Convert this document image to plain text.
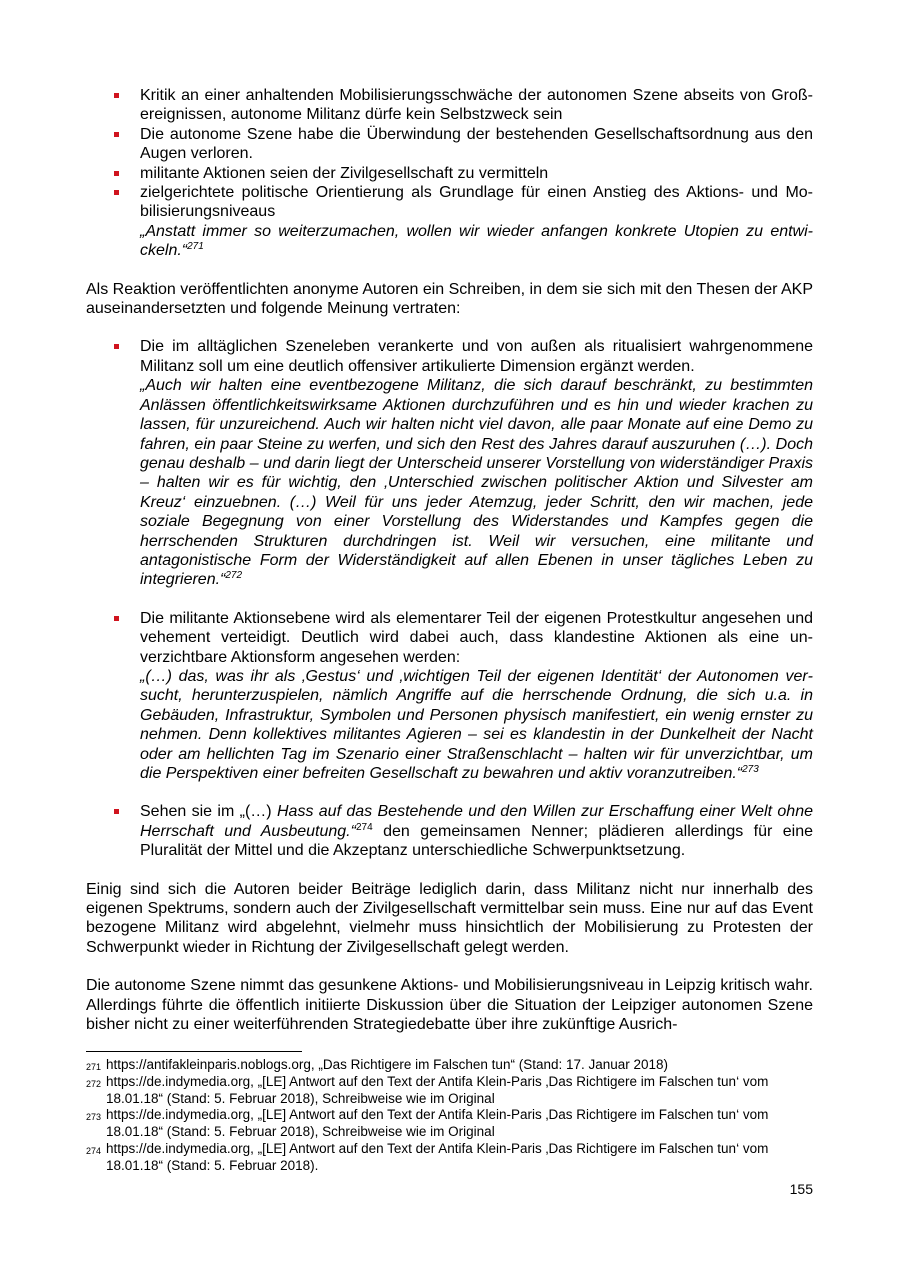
Kritik an einer anhaltenden Mobilisierungsschwäche der autonomen Szene abseits von Großereignissen, autonome Militanz dürfe kein Selbstzweck sein
Die autonome Szene habe die Überwindung der bestehenden Gesellschaftsordnung aus den Augen verloren.
militante Aktionen seien der Zivilgesellschaft zu vermitteln
zielgerichtete politische Orientierung als Grundlage für einen Anstieg des Aktions- und Mobilisierungsniveaus
„Anstatt immer so weiterzumachen, wollen wir wieder anfangen konkrete Utopien zu entwickeln.“$^{271}$

Als Reaktion veröffentlichten anonyme Autoren ein Schreiben, in dem sie sich mit den Thesen der AKP auseinandersetzten und folgende Meinung vertraten:

Die im alltäglichen Szeneleben verankerte und von außen als ritualisiert wahrgenommene Militanz soll um eine deutlich offensiver artikulierte Dimension ergänzt werden.
„Auch wir halten eine eventbezogene Militanz, die sich darauf beschränkt, zu bestimmten Anlässen öffentlichkeitswirksame Aktionen durchzuführen und es hin und wieder krachen zu lassen, für unzureichend. Auch wir halten nicht viel davon, alle paar Monate auf eine Demo zu fahren, ein paar Steine zu werfen, und sich den Rest des Jahres darauf auszuruhen (…). Doch genau deshalb – und darin liegt der Unterscheid unserer Vorstellung von widerständiger Praxis – halten wir es für wichtig, den ‚Unterschied zwischen politischer Aktion und Silvester am Kreuz‘ einzuebnen. (…) Weil für uns jeder Atemzug, jeder Schritt, den wir machen, jede soziale Begegnung von einer Vorstellung des Widerstandes und Kampfes gegen die herrschenden Strukturen durchdringen ist. Weil wir versuchen, eine militante und antagonistische Form der Widerständigkeit auf allen Ebenen in unser tägliches Leben zu integrieren.“$^{272}$
Die militante Aktionsebene wird als elementarer Teil der eigenen Protestkultur angesehen und vehement verteidigt. Deutlich wird dabei auch, dass klandestine Aktionen als eine unverzichtbare Aktionsform angesehen werden:
„(…) das, was ihr als ‚Gestus‘ und ‚wichtigen Teil der eigenen Identität‘ der Autonomen versucht, herunterzuspielen, nämlich Angriffe auf die herrschende Ordnung, die sich u.a. in Gebäuden, Infrastruktur, Symbolen und Personen physisch manifestiert, ein wenig ernster zu nehmen. Denn kollektives militantes Agieren – sei es klandestin in der Dunkelheit der Nacht oder am hellichten Tag im Szenario einer Straßenschlacht – halten wir für unverzichtbar, um die Perspektiven einer befreiten Gesellschaft zu bewahren und aktiv voranzutreiben.“$^{273}$
Sehen sie im „(…) Hass auf das Bestehende und den Willen zur Erschaffung einer Welt ohne Herrschaft und Ausbeutung.“$^{274}$ den gemeinsamen Nenner; plädieren allerdings für eine Pluralität der Mittel und die Akzeptanz unterschiedliche Schwerpunktsetzung.

Einig sind sich die Autoren beider Beiträge lediglich darin, dass Militanz nicht nur innerhalb des eigenen Spektrums, sondern auch der Zivilgesellschaft vermittelbar sein muss. Eine nur auf das Event bezogene Militanz wird abgelehnt, vielmehr muss hinsichtlich der Mobilisierung zu Protesten der Schwerpunkt wieder in Richtung der Zivilgesellschaft gelegt werden.

Die autonome Szene nimmt das gesunkene Aktions- und Mobilisierungsniveau in Leipzig kritisch wahr. Allerdings führte die öffentlich initiierte Diskussion über die Situation der Leipziger autonomen Szene bisher nicht zu einer weiterführenden Strategiedebatte über ihre zukünftige Ausrich-

271 https://antifakleinparis.noblogs.org, „Das Richtigere im Falschen tun“ (Stand: 17. Januar 2018)
272 https://de.indymedia.org, „[LE] Antwort auf den Text der Antifa Klein-Paris ‚Das Richtigere im Falschen tun‘ vom 18.01.18“ (Stand: 5. Februar 2018), Schreibweise wie im Original
273 https://de.indymedia.org, „[LE] Antwort auf den Text der Antifa Klein-Paris ‚Das Richtigere im Falschen tun‘ vom 18.01.18“ (Stand: 5. Februar 2018), Schreibweise wie im Original
274 https://de.indymedia.org, „[LE] Antwort auf den Text der Antifa Klein-Paris ‚Das Richtigere im Falschen tun‘ vom 18.01.18“ (Stand: 5. Februar 2018).
155
